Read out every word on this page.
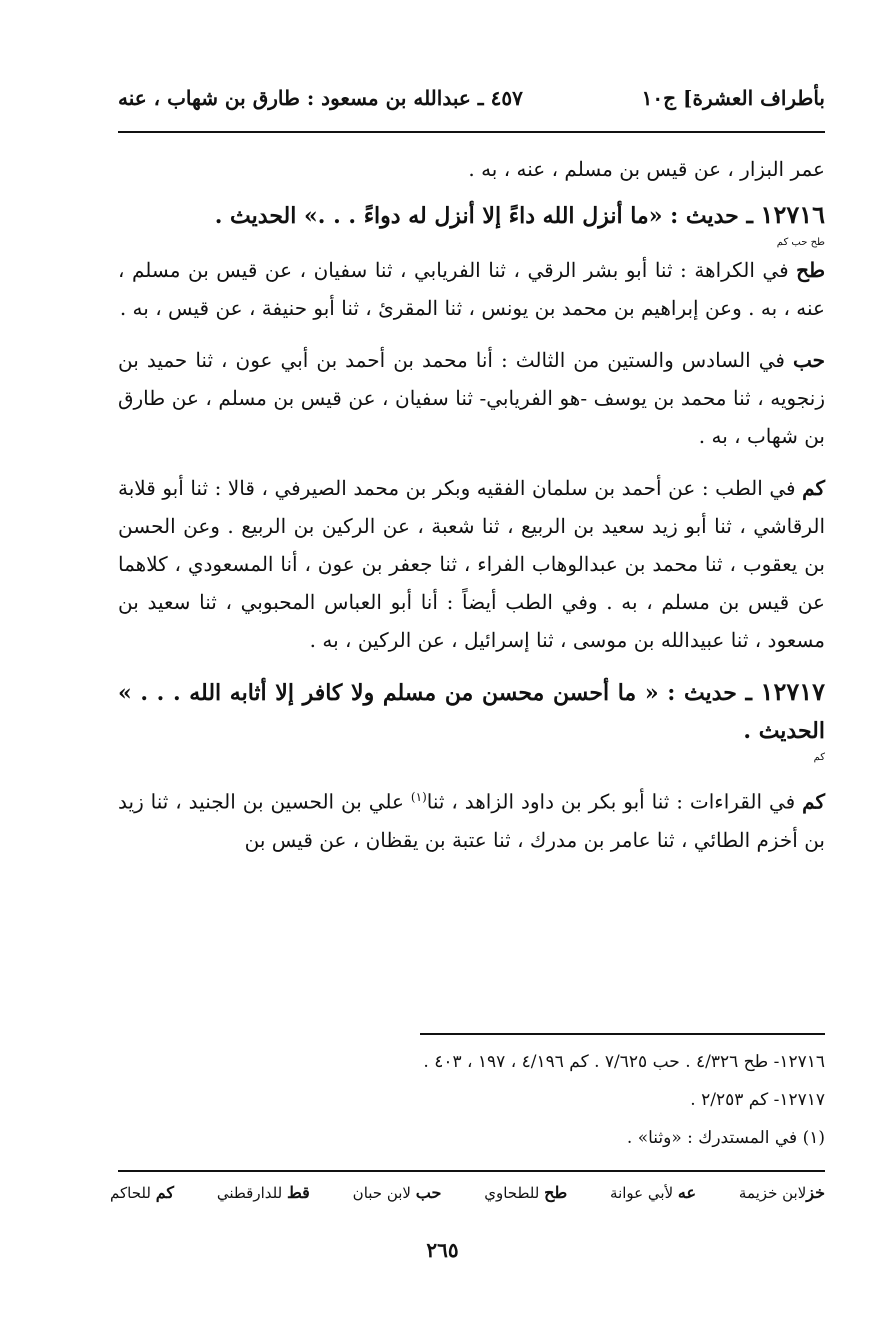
بأطراف العشرة] ج١٠
٤٥٧ ـ عبدالله بن مسعود : طارق بن شهاب ، عنه

عمر البزار ، عن قيس بن مسلم ، عنه ، به .

١٢٧١٦ ـ حديث : «ما أنزل الله داءً إلا أنزل له دواءً . . .» الحديث .

طح حب كم

طح في الكراهة : ثنا أبو بشر الرقي ، ثنا الفريابي ، ثنا سفيان ، عن قيس بن مسلم ، عنه ، به . وعن إبراهيم بن محمد بن يونس ، ثنا المقرئ ، ثنا أبو حنيفة ، عن قيس ، به .

حب في السادس والستين من الثالث : أنا محمد بن أحمد بن أبي عون ، ثنا حميد بن زنجويه ، ثنا محمد بن يوسف -هو الفريابي- ثنا سفيان ، عن قيس بن مسلم ، عن طارق بن شهاب ، به .

كم في الطب : عن أحمد بن سلمان الفقيه وبكر بن محمد الصيرفي ، قالا : ثنا أبو قلابة الرقاشي ، ثنا أبو زيد سعيد بن الربيع ، ثنا شعبة ، عن الركين بن الربيع . وعن الحسن بن يعقوب ، ثنا محمد بن عبدالوهاب الفراء ، ثنا جعفر بن عون ، أنا المسعودي ، كلاهما عن قيس بن مسلم ، به . وفي الطب أيضاً : أنا أبو العباس المحبوبي ، ثنا سعيد بن مسعود ، ثنا عبيدالله بن موسى ، ثنا إسرائيل ، عن الركين ، به .

١٢٧١٧ ـ حديث : « ما أحسن محسن من مسلم ولا كافر إلا أثابه الله . . . » الحديث .

كم

كم في القراءات : ثنا أبو بكر بن داود الزاهد ، ثنا$^{(١)}$ علي بن الحسين بن الجنيد ، ثنا زيد بن أخزم الطائي ، ثنا عامر بن مدرك ، ثنا عتبة بن يقظان ، عن قيس بن

١٢٧١٦- طح ٤/٣٢٦ . حب ٧/٦٢٥ . كم ٤/١٩٦ ، ١٩٧ ، ٤٠٣ .
١٢٧١٧- كم ٢/٢٥٣ .
(١) في المستدرك : «وثنا» .
خزلابن خزيمة
عه لأبي عوانة
طح للطحاوي
حب لابن حبان
قط للدارقطني
كم للحاكم
٢٦٥
